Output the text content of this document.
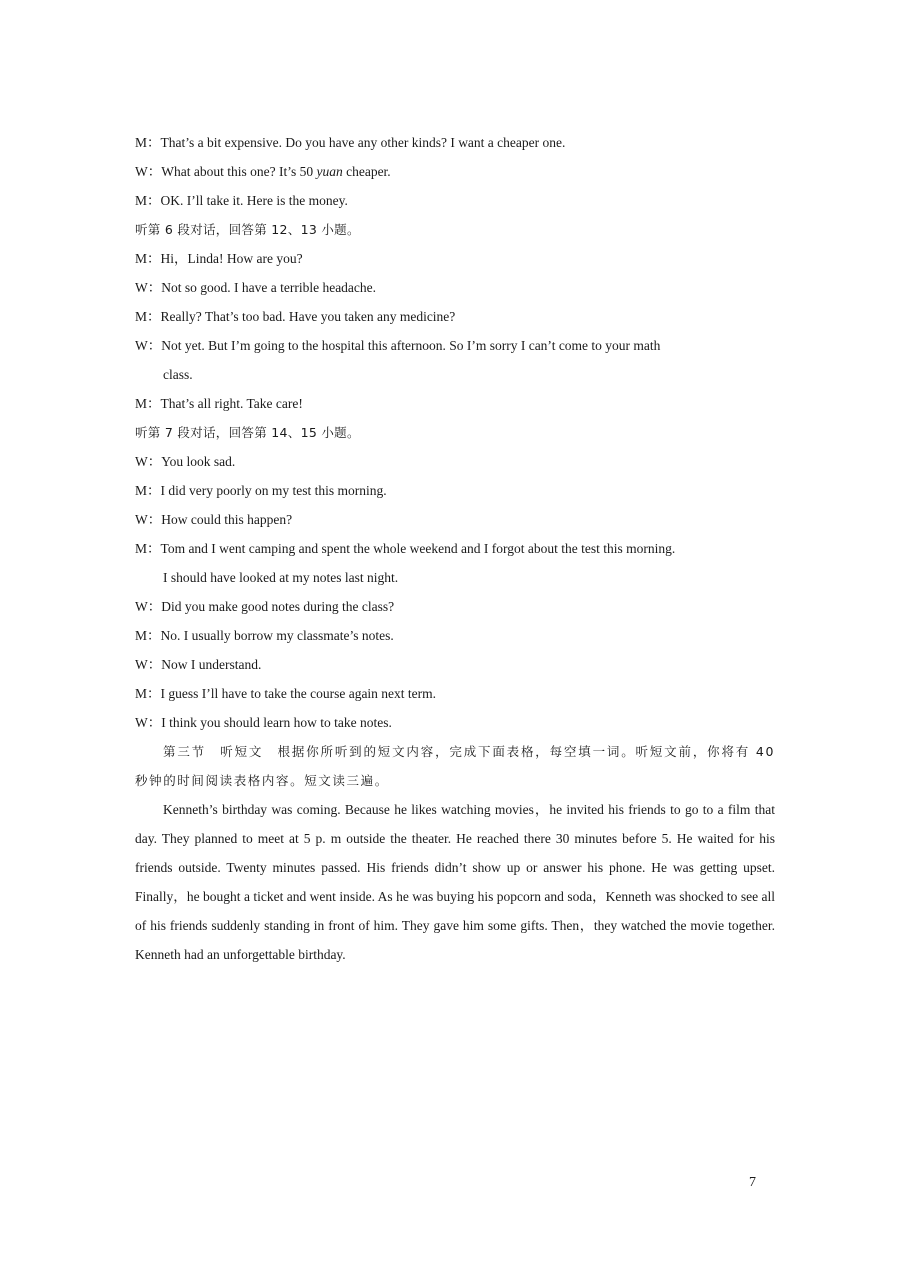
M：That’s a bit expensive. Do you have any other kinds? I want a cheaper one.
W：What about this one? It’s 50 yuan cheaper.
M：OK. I’ll take it. Here is the money.
听第 6 段对话，回答第 12、13 小题。
M：Hi，Linda! How are you?
W：Not so good. I have a terrible headache.
M：Really? That’s too bad. Have you taken any medicine?
W：Not yet. But I’m going to the hospital this afternoon. So I’m sorry I can’t come to your math
class.
M：That’s all right. Take care!
听第 7 段对话，回答第 14、15 小题。
W：You look sad.
M：I did very poorly on my test this morning.
W：How could this happen?
M：Tom and I went camping and spent the whole weekend and I forgot about the test this morning.
I should have looked at my notes last night.
W：Did you make good notes during the class?
M：No. I usually borrow my classmate’s notes.
W：Now I understand.
M：I guess I’ll have to take the course again next term.
W：I think you should learn how to take notes.
第三节　听短文　根据你所听到的短文内容，完成下面表格，每空填一词。听短文前，你将有 40 秒钟的时间阅读表格内容。短文读三遍。

Kenneth’s birthday was coming. Because he likes watching movies，he invited his friends to go to a film that day. They planned to meet at 5 p. m outside the theater. He reached there 30 minutes before 5. He waited for his friends outside. Twenty minutes passed. His friends didn’t show up or answer his phone. He was getting upset. Finally，he bought a ticket and went inside. As he was buying his popcorn and soda，Kenneth was shocked to see all of his friends suddenly standing in front of him. They gave him some gifts. Then，they watched the movie together. Kenneth had an unforgettable birthday.

7
